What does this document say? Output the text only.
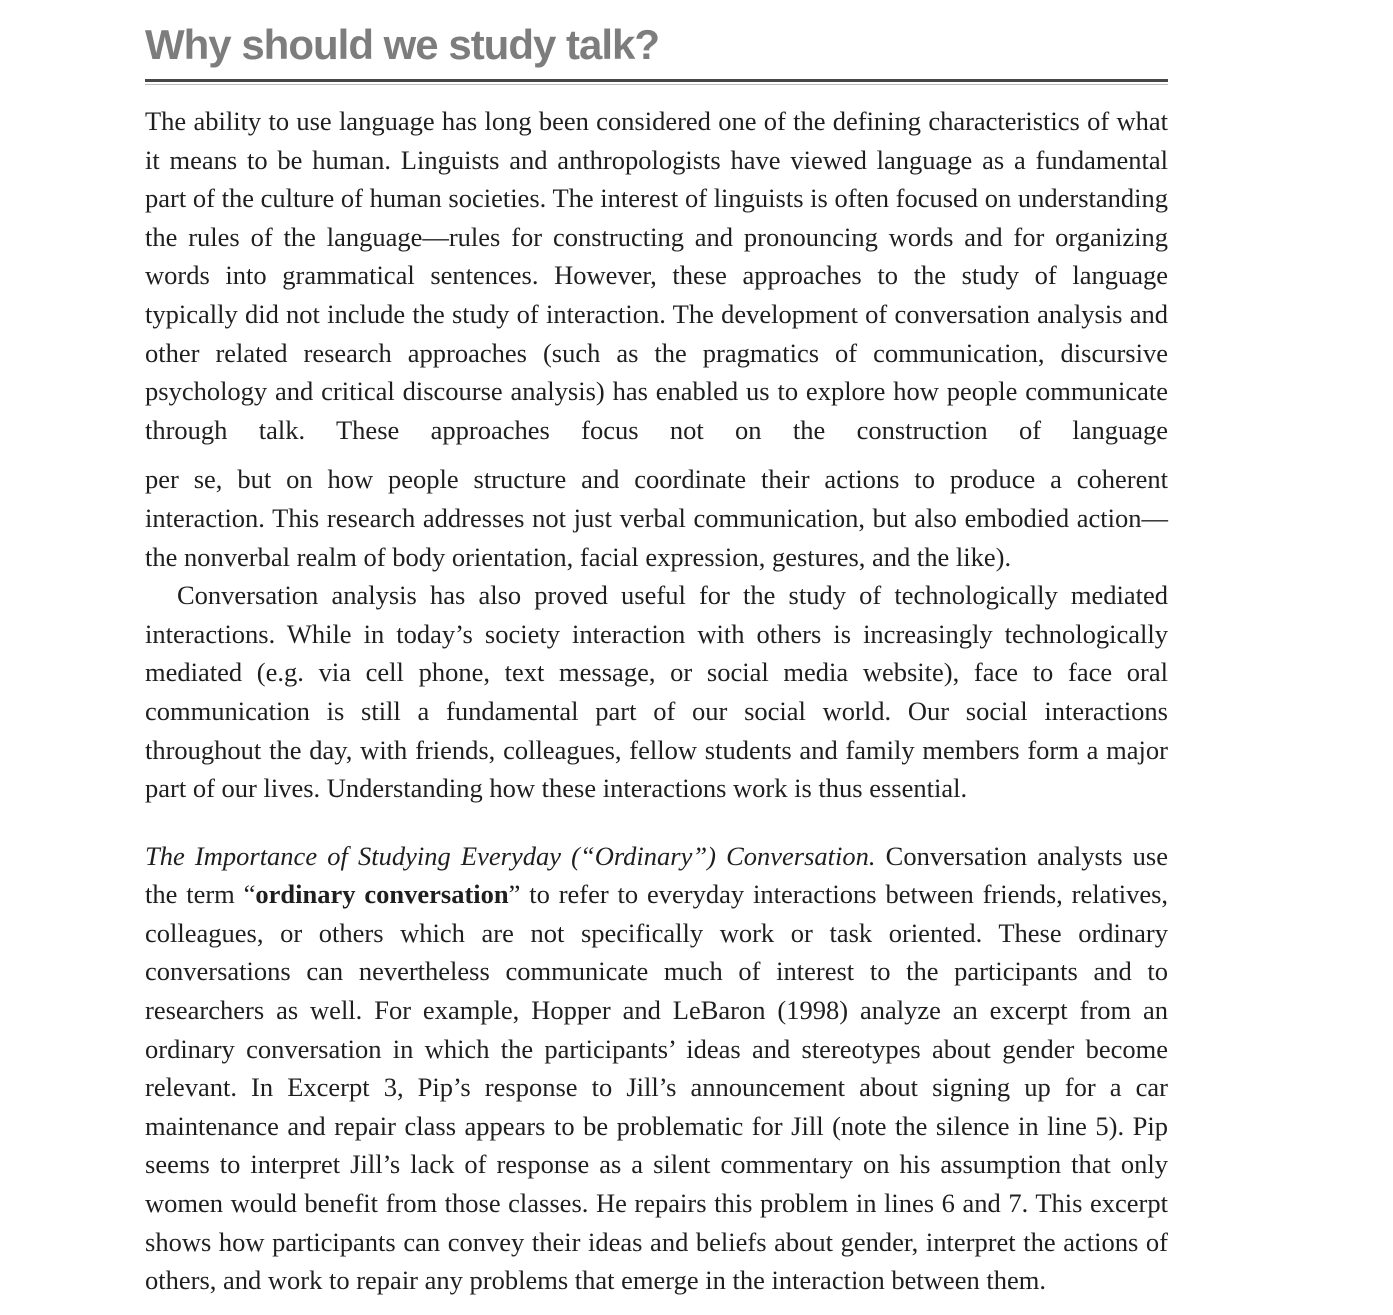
Why should we study talk?

The ability to use language has long been considered one of the defining characteristics of what it means to be human. Linguists and anthropologists have viewed language as a fundamental part of the culture of human societies. The interest of linguists is often focused on understanding the rules of the language—rules for constructing and pronouncing words and for organizing words into grammatical sentences. However, these approaches to the study of language typically did not include the study of interaction. The development of conversation analysis and other related research approaches (such as the pragmatics of communication, discursive psychology and critical discourse analysis) has enabled us to explore how people communicate through talk. These approaches focus not on the construction of language

per se, but on how people structure and coordinate their actions to produce a coherent interaction. This research addresses not just verbal communication, but also embodied action—the nonverbal realm of body orientation, facial expression, gestures, and the like).

Conversation analysis has also proved useful for the study of technologically mediated interactions. While in today’s society interaction with others is increasingly technologically mediated (e.g. via cell phone, text message, or social media website), face to face oral communication is still a fundamental part of our social world. Our social interactions throughout the day, with friends, colleagues, fellow students and family members form a major part of our lives. Understanding how these interactions work is thus essential.

The Importance of Studying Everyday (“Ordinary”) Conversation. Conversation analysts use the term “ordinary conversation” to refer to everyday interactions between friends, relatives, colleagues, or others which are not specifically work or task oriented. These ordinary conversations can nevertheless communicate much of interest to the participants and to researchers as well. For example, Hopper and LeBaron (1998) analyze an excerpt from an ordinary conversation in which the participants’ ideas and stereotypes about gender become relevant. In Excerpt 3, Pip’s response to Jill’s announcement about signing up for a car maintenance and repair class appears to be problematic for Jill (note the silence in line 5). Pip seems to interpret Jill’s lack of response as a silent commentary on his assumption that only women would benefit from those classes. He repairs this problem in lines 6 and 7. This excerpt shows how participants can convey their ideas and beliefs about gender, interpret the actions of others, and work to repair any problems that emerge in the interaction between them.
